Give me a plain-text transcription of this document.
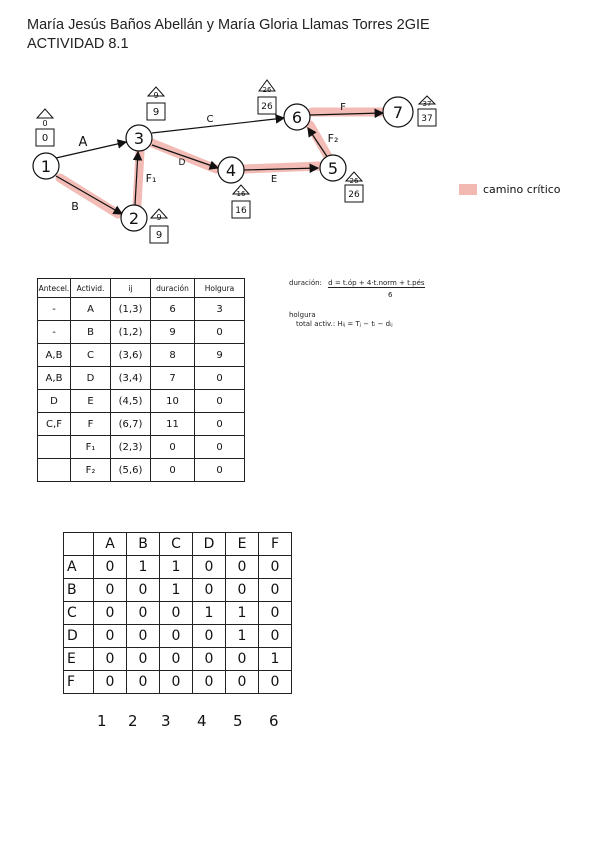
María Jesús Baños Abellán y María Gloria Llamas Torres 2GIE
ACTIVIDAD 8.1
1
2
3
4	5
6	7
A
B
F₁
C
D
E
F₂
F
0
0
9
9
9
9
16
16
26
26
26
26	37
37
camino crítico
duración: d = t.óp + 4·t.norm + t.pés
6
holgura
total activ.: Hᵢⱼ = Tⱼ − tᵢ − dᵢⱼ
Antecel.	Activid.	ij	duración	Holgura
-	A	(1,3)	6	3
-	B	(1,2)	9	0
A,B	C	(3,6)	8	9
A,B	D	(3,4)	7	0
D	E	(4,5)	10	0
C,F	F	(6,7)	11	0
	F₁	(2,3)	0	0
	F₂	(5,6)	0	0
	A	B	C	D	E	F
A	0	1	1	0	0	0
B	0	0	1	0	0	0
C	0	0	0	1	1	0
D	0	0	0	0	1	0
E	0	0	0	0	0	1
F	0	0	0	0	0	0
1 2 3 4 5 6
